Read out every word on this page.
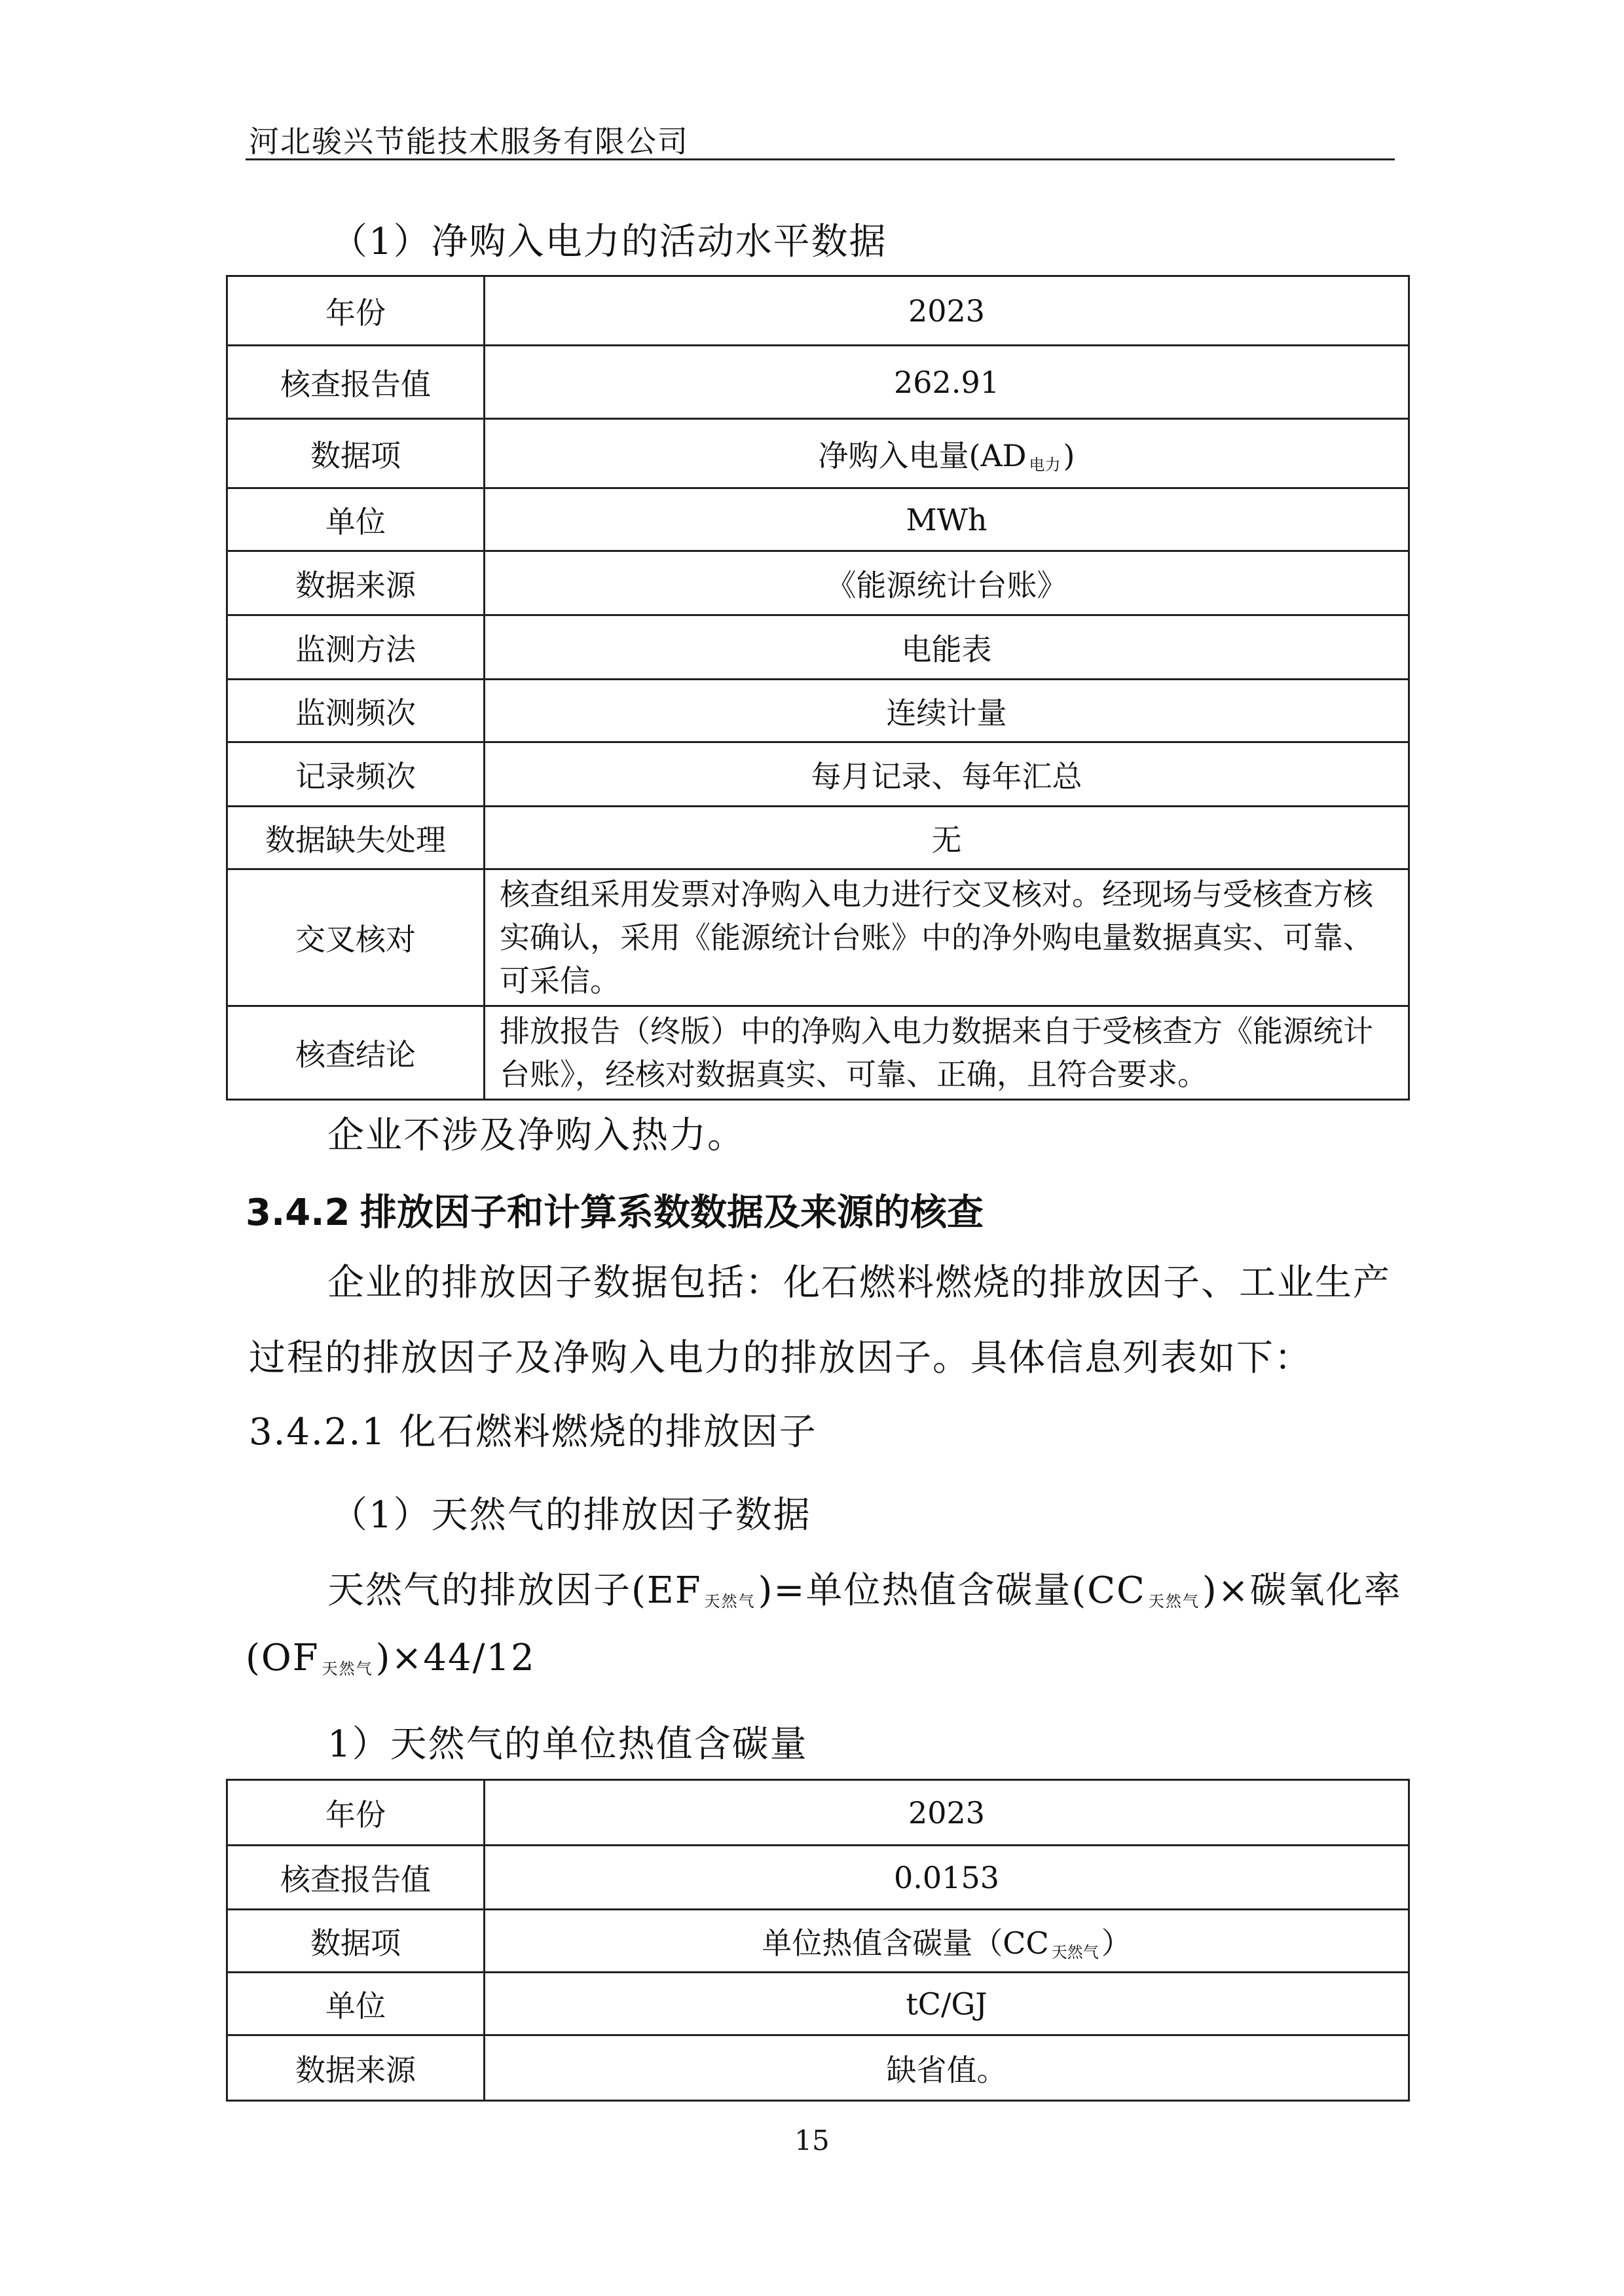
河北骏兴节能技术服务有限公司
（1）净购入电力的活动水平数据
年份	2023
核查报告值	262.91
数据项	净购入电量(AD 电力)
单位	MWh
数据来源	《能源统计台账》
监测方法	电能表
监测频次	连续计量
记录频次	每月记录、每年汇总
数据缺失处理	无
交叉核对	核查组采用发票对净购入电力进行交叉核对。经现场与受核查方核实确认，采用《能源统计台账》中的净外购电量数据真实、可靠、可采信。
核查结论	排放报告（终版）中的净购入电力数据来自于受核查方《能源统计台账》，经核对数据真实、可靠、正确，且符合要求。
企业不涉及净购入热力。
3.4.2 排放因子和计算系数数据及来源的核查
企业的排放因子数据包括：化石燃料燃烧的排放因子、工业生产
过程的排放因子及净购入电力的排放因子。具体信息列表如下：
3.4.2.1 化石燃料燃烧的排放因子
（1）天然气的排放因子数据
天然气的排放因子(EF 天然气)=单位热值含碳量(CC 天然气)×碳氧化率
(OF 天然气)×44/12
1）天然气的单位热值含碳量
年份	2023
核查报告值	0.0153
数据项	单位热值含碳量（CC 天然气）
单位	tC/GJ
数据来源	缺省值。
15
